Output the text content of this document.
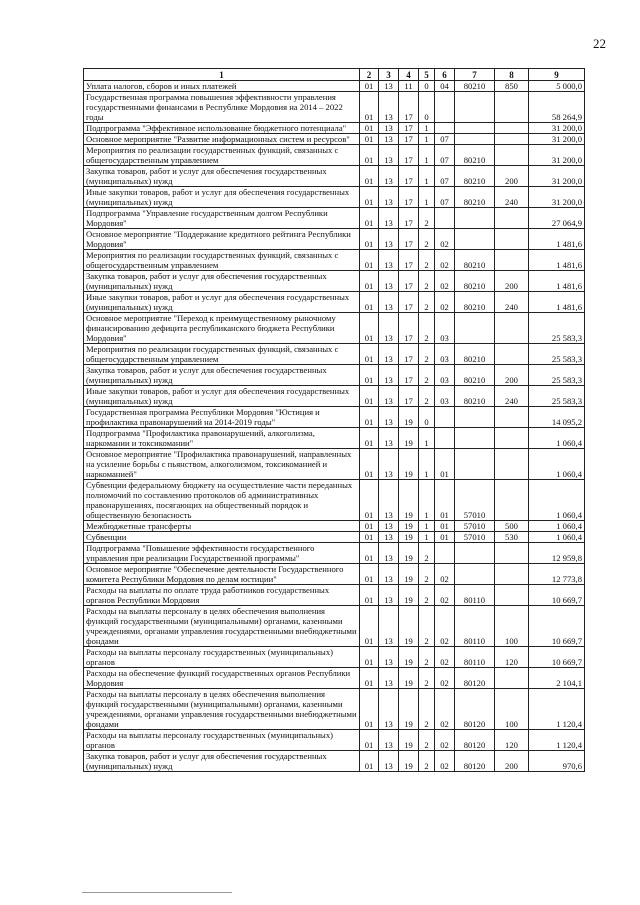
22
1	2	3	4	5	6	7	8	9
Уплата налогов, сборов и иных платежей	01	13	11	0	04	80210	850	5 000,0
Государственная программа повышения эффективности управления государственными финансами в Республике Мордовия на 2014 – 2022 годы	01	13	17	0				58 264,9
Подпрограмма "Эффективное использование бюджетного потенциала"	01	13	17	1				31 200,0
Основное мероприятие "Развитие информационных систем и ресурсов"	01	13	17	1	07			31 200,0
Мероприятия по реализации государственных функций, связанных с общегосударственным управлением	01	13	17	1	07	80210		31 200,0
Закупка товаров, работ и услуг для обеспечения государственных (муниципальных) нужд	01	13	17	1	07	80210	200	31 200,0
Иные закупки товаров, работ и услуг для обеспечения государственных (муниципальных) нужд	01	13	17	1	07	80210	240	31 200,0
Подпрограмма "Управление государственным долгом Республики Мордовия"	01	13	17	2				27 064,9
Основное мероприятие "Поддержание кредитного рейтинга Республики Мордовия"	01	13	17	2	02			1 481,6
Мероприятия по реализации государственных функций, связанных с общегосударственным управлением	01	13	17	2	02	80210		1 481,6
Закупка товаров, работ и услуг для обеспечения государственных (муниципальных) нужд	01	13	17	2	02	80210	200	1 481,6
Иные закупки товаров, работ и услуг для обеспечения государственных (муниципальных) нужд	01	13	17	2	02	80210	240	1 481,6
Основное мероприятие "Переход к преимущественному рыночному финансированию дефицита республиканского бюджета Республики Мордовия"	01	13	17	2	03			25 583,3
Мероприятия по реализации государственных функций, связанных с общегосударственным управлением	01	13	17	2	03	80210		25 583,3
Закупка товаров, работ и услуг для обеспечения государственных (муниципальных) нужд	01	13	17	2	03	80210	200	25 583,3
Иные закупки товаров, работ и услуг для обеспечения государственных (муниципальных) нужд	01	13	17	2	03	80210	240	25 583,3
Государственная программа Республики Мордовия "Юстиция и профилактика правонарушений на 2014-2019 годы"	01	13	19	0				14 095,2
Подпрограмма "Профилактика правонарушений, алкоголизма, наркомании и токсикомании"	01	13	19	1				1 060,4
Основное мероприятие "Профилактика правонарушений, направленных на усиление борьбы с пьянством, алкоголизмом, токсикоманией и наркоманией"	01	13	19	1	01			1 060,4
Субвенции федеральному бюджету на осуществление части переданных полномочий по составлению протоколов об административных правонарушениях, посягающих на общественный порядок и общественную безопасность	01	13	19	1	01	57010		1 060,4
Межбюджетные трансферты	01	13	19	1	01	57010	500	1 060,4
Субвенции	01	13	19	1	01	57010	530	1 060,4
Подпрограмма "Повышение эффективности государственного управления при реализации Государственной программы"	01	13	19	2				12 959,8
Основное мероприятие "Обеспечение деятельности Государственного комитета Республики Мордовия по делам юстиции"	01	13	19	2	02			12 773,8
Расходы на выплаты по оплате труда работников государственных органов Республики Мордовия	01	13	19	2	02	80110		10 669,7
Расходы на выплаты персоналу в целях обеспечения выполнения функций государственными (муниципальными) органами, казенными учреждениями, органами управления государственными внебюджетными фондами	01	13	19	2	02	80110	100	10 669,7
Расходы на выплаты персоналу государственных (муниципальных) органов	01	13	19	2	02	80110	120	10 669,7
Расходы на обеспечение функций государственных органов Республики Мордовия	01	13	19	2	02	80120		2 104,1
Расходы на выплаты персоналу в целях обеспечения выполнения функций государственными (муниципальными) органами, казенными учреждениями, органами управления государственными внебюджетными фондами	01	13	19	2	02	80120	100	1 120,4
Расходы на выплаты персоналу государственных (муниципальных) органов	01	13	19	2	02	80120	120	1 120,4
Закупка товаров, работ и услуг для обеспечения государственных (муниципальных) нужд	01	13	19	2	02	80120	200	970,6
